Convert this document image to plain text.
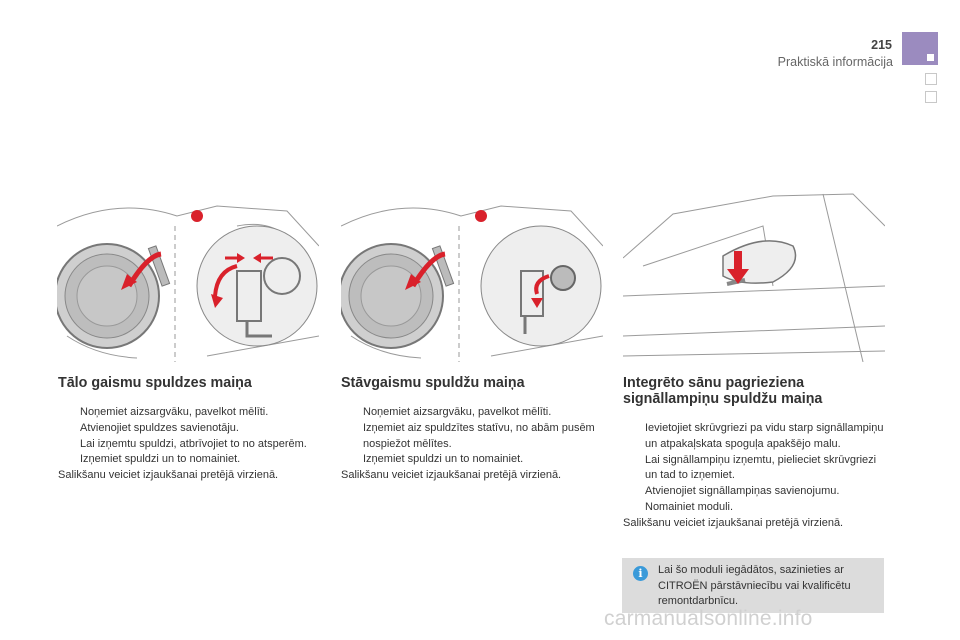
215
Praktiskā informācija
Tālo gaismu spuldzes maiņa
Noņemiet aizsargvāku, pavelkot mēlīti.
Atvienojiet spuldzes savienotāju.
Lai izņemtu spuldzi, atbrīvojiet to no atsperēm.
Izņemiet spuldzi un to nomainiet.

Salikšanu veiciet izjaukšanai pretējā virzienā.

Stāvgaismu spuldžu maiņa
Noņemiet aizsargvāku, pavelkot mēlīti.
Izņemiet aiz spuldzītes statīvu, no abām pusēm nospiežot mēlītes.
Izņemiet spuldzi un to nomainiet.

Salikšanu veiciet izjaukšanai pretējā virzienā.

Integrēto sānu pagrieziena signāllampiņu spuldžu maiņa
Ievietojiet skrūvgriezi pa vidu starp signāllampiņu un atpakaļskata spoguļa apakšējo malu.
Lai signāllampiņu izņemtu, pielieciet skrūvgriezi un tad to izņemiet.
Atvienojiet signāllampiņas savienojumu.
Nomainiet moduli.

Salikšanu veiciet izjaukšanai pretējā virzienā.

i	Lai šo moduli iegādātos, sazinieties ar CITROËN pārstāvniecību vai kvalificētu remontdarbnīcu.

carmanualsonline.info
